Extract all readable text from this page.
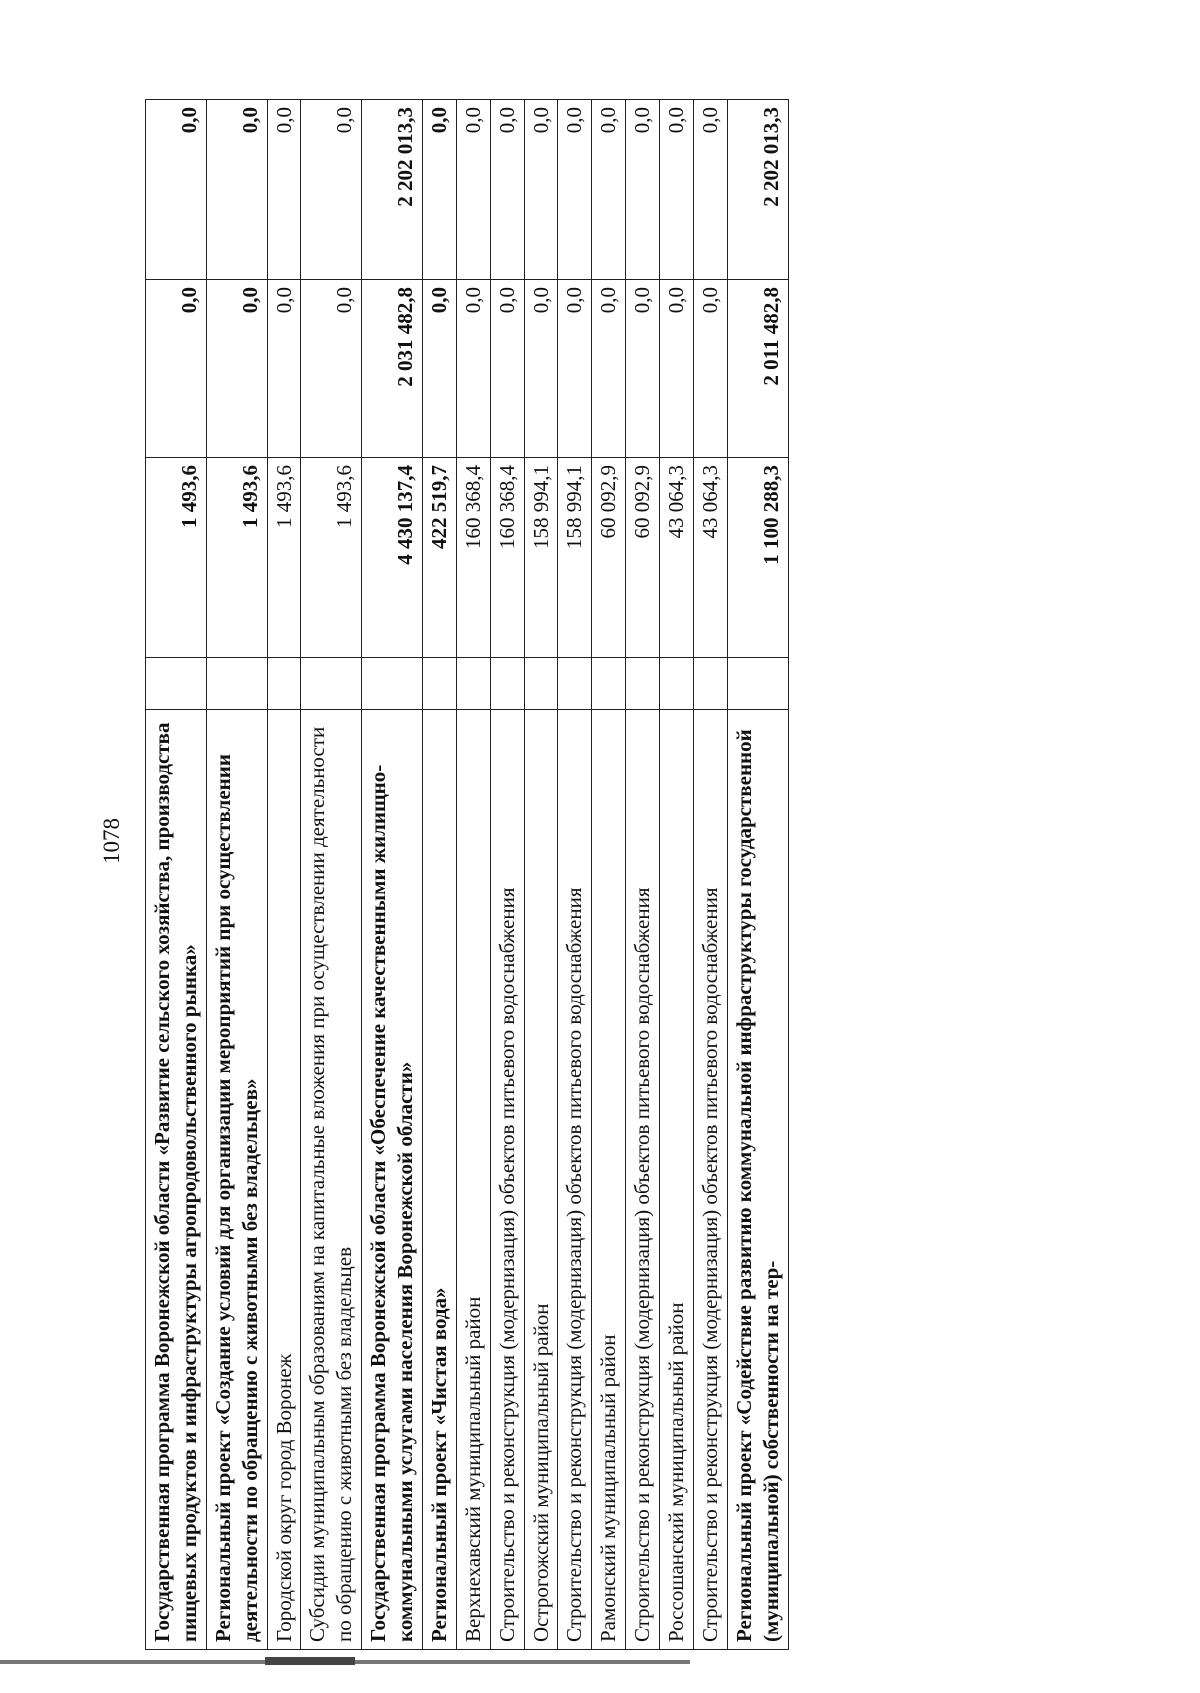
1078 Государственная программа Воронежской области «Развитие сельского хозяйства, производства пищевых продуктов и инфраструктуры агропродовольственного рынка»		1 493,6	0,0	0,0
Региональный проект «Создание условий для организации мероприятий при осуществлении деятельности по обращению с животными без владельцев»		1 493,6	0,0	0,0
Городской округ город Воронеж		1 493,6	0,0	0,0
Субсидии муниципальным образованиям на капитальные вложения при осуществлении деятельности по обращению с животными без владельцев		1 493,6	0,0	0,0
Государственная программа Воронежской области «Обеспечение качественными жилищно-коммунальными услугами населения Воронежской области»		4 430 137,4	2 031 482,8	2 202 013,3
Региональный проект «Чистая вода»		422 519,7	0,0	0,0
Верхнехавский муниципальный район		160 368,4	0,0	0,0
Строительство и реконструкция (модернизация) объектов питьевого водоснабжения		160 368,4	0,0	0,0
Острогожский муниципальный район		158 994,1	0,0	0,0
Строительство и реконструкция (модернизация) объектов питьевого водоснабжения		158 994,1	0,0	0,0
Рамонский муниципальный район		60 092,9	0,0	0,0
Строительство и реконструкция (модернизация) объектов питьевого водоснабжения		60 092,9	0,0	0,0
Россошанский муниципальный район		43 064,3	0,0	0,0
Строительство и реконструкция (модернизация) объектов питьевого водоснабжения		43 064,3	0,0	0,0
Региональный проект «Содействие развитию коммунальной инфраструктуры государственной (муниципальной) собственности на тер-		1 100 288,3	2 011 482,8	2 202 013,3
